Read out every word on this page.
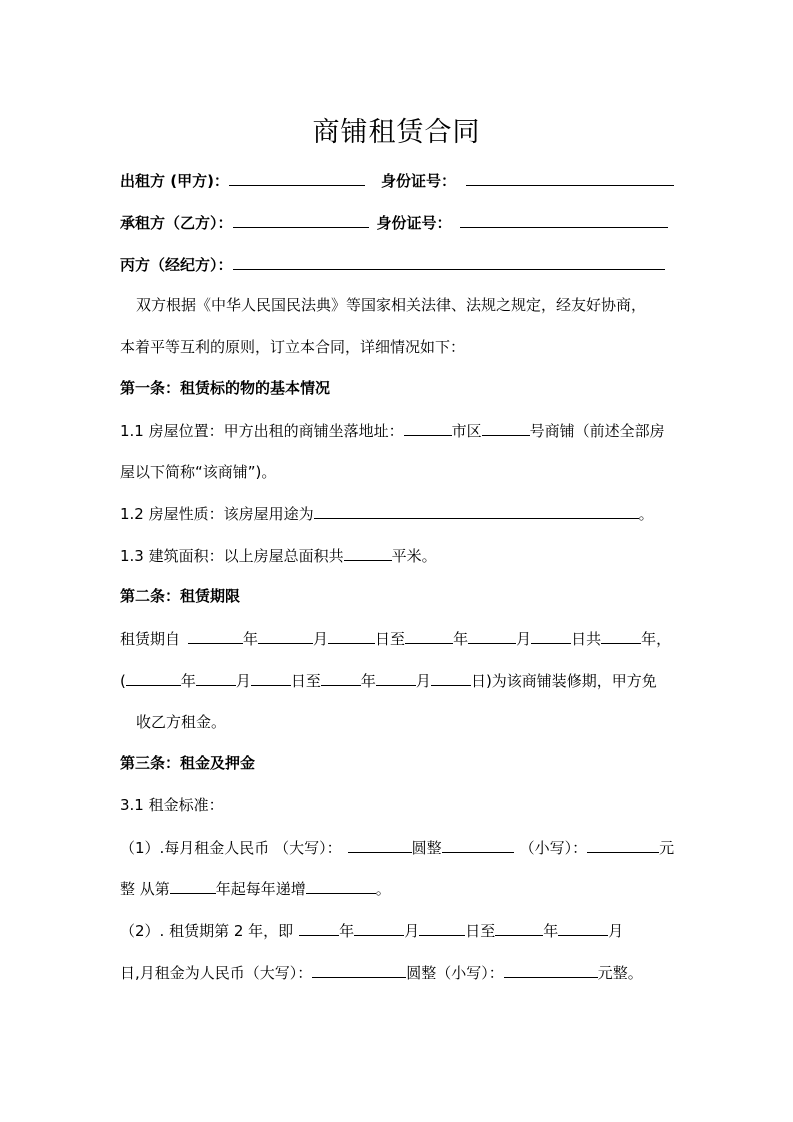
商铺租赁合同
出租方 (甲方)：	身份证号：
承租方（乙方）：	身份证号：
丙方（经纪方）：
双方根据《中华人民国民法典》等国家相关法律、法规之规定，经友好协商，
本着平等互利的原则，订立本合同，详细情况如下：
第一条：租赁标的物的基本情况
1.1 房屋位置：甲方出租的商铺坐落地址：	市区	号商铺（前述全部房
屋以下简称“该商铺”)。
1.2 房屋性质：该房屋用途为	。
1.3 建筑面积：以上房屋总面积共	平米。
第二条：租赁期限
租赁期自	年	月	日至	年	月	日共	年，
(	年	月	日至	年	月	日)为该商铺装修期，甲方免
收乙方租金。
第三条：租金及押金
3.1 租金标准：
（1）.每月租金人民币 （大写）：	圆整	（小写）：	元
整 从第	年起每年递增	。
（2）. 租赁期第 2 年，即	年	月	日至	年	月
日,月租金为人民币（大写）：	圆整（小写）：	元整。
